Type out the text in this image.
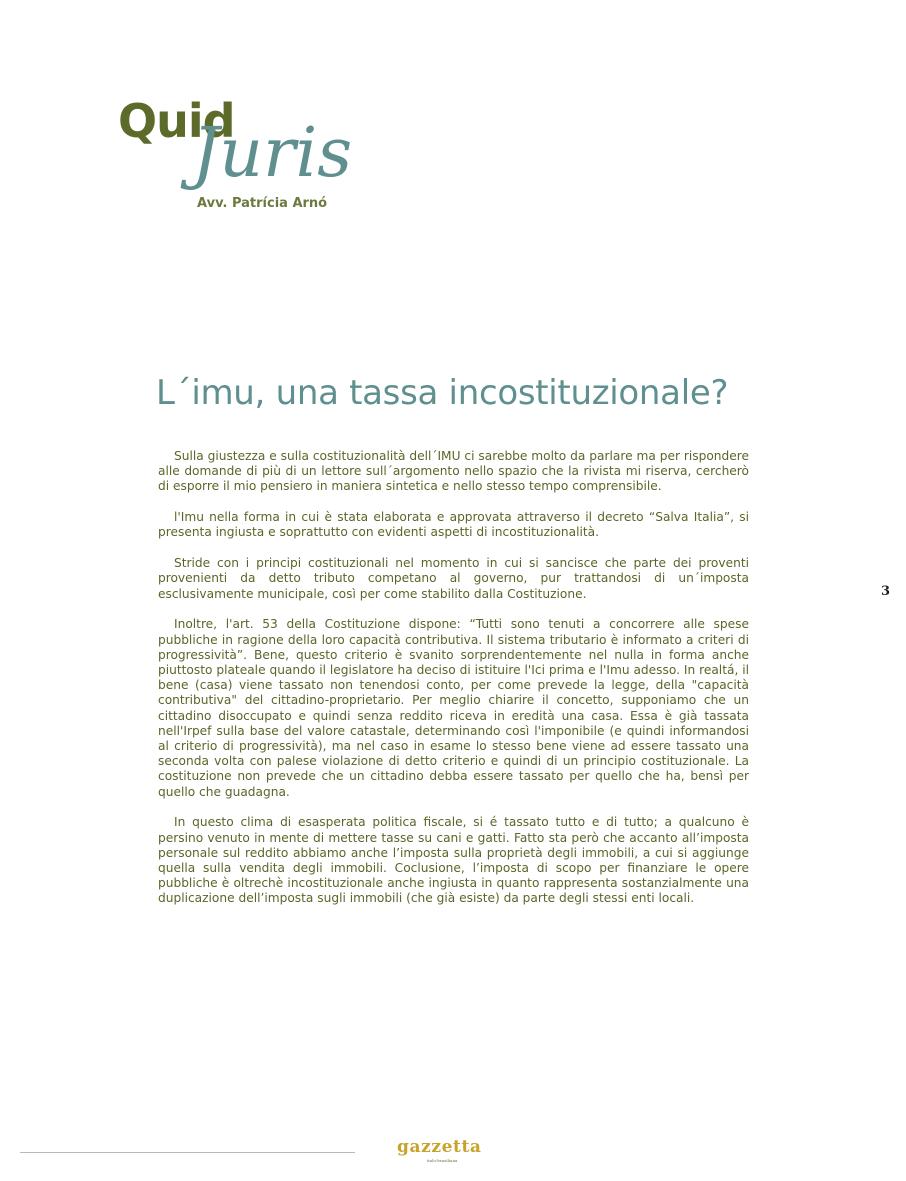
Quid
Juris
Avv. Patrícia Arnó
L´imu, una tassa incostituzionale?

Sulla giustezza e sulla costituzionalità dell´IMU ci sarebbe molto da parlare ma per rispondere alle domande di più di un lettore sull´argomento nello spazio che la rivista mi riserva, cercherò di esporre il mio pensiero in maniera sintetica e nello stesso tempo comprensibile.

l'Imu nella forma in cui è stata elaborata e approvata attraverso il decreto “Salva Italia”, si presenta ingiusta e soprattutto con evidenti aspetti di incostituzionalità.

Stride con i principi costituzionali nel momento in cui si sancisce che parte dei proventi provenienti da detto tributo competano al governo, pur trattandosi di un´imposta esclusivamente municipale, così per come stabilito dalla Costituzione.

Inoltre, l'art. 53 della Costituzione dispone: “Tutti sono tenuti a concorrere alle spese pubbliche in ragione della loro capacità contributiva. Il sistema tributario è informato a criteri di progressività”. Bene, questo criterio è svanito sorprendentemente nel nulla in forma anche piuttosto plateale quando il legislatore ha deciso di istituire l'Ici prima e l'Imu adesso. In realtá, il bene (casa) viene tassato non tenendosi conto, per come prevede la legge, della "capacità contributiva" del cittadino-proprietario. Per meglio chiarire il concetto, supponiamo che un cittadino disoccupato e quindi senza reddito riceva in eredità una casa. Essa è già tassata nell'Irpef sulla base del valore catastale, determinando così l'imponibile (e quindi informandosi al criterio di progressività), ma nel caso in esame lo stesso bene viene ad essere tassato una seconda volta con palese violazione di detto criterio e quindi di un principio costituzionale. La costituzione non prevede che un cittadino debba essere tassato per quello che ha, bensì per quello che guadagna.

In questo clima di esasperata politica fiscale, si é tassato tutto e di tutto; a qualcuno è persino venuto in mente di mettere tasse su cani e gatti. Fatto sta però che accanto all’imposta personale sul reddito abbiamo anche l’imposta sulla proprietà degli immobili, a cui si aggiunge quella sulla vendita degli immobili. Coclusione, l’imposta di scopo per finanziare le opere pubbliche è oltrechè incostituzionale anche ingiusta in quanto rappresenta sostanzialmente una duplicazione dell’imposta sugli immobili (che già esiste) da parte degli stessi enti locali.

3
gazzetta
italo-brasiliana
